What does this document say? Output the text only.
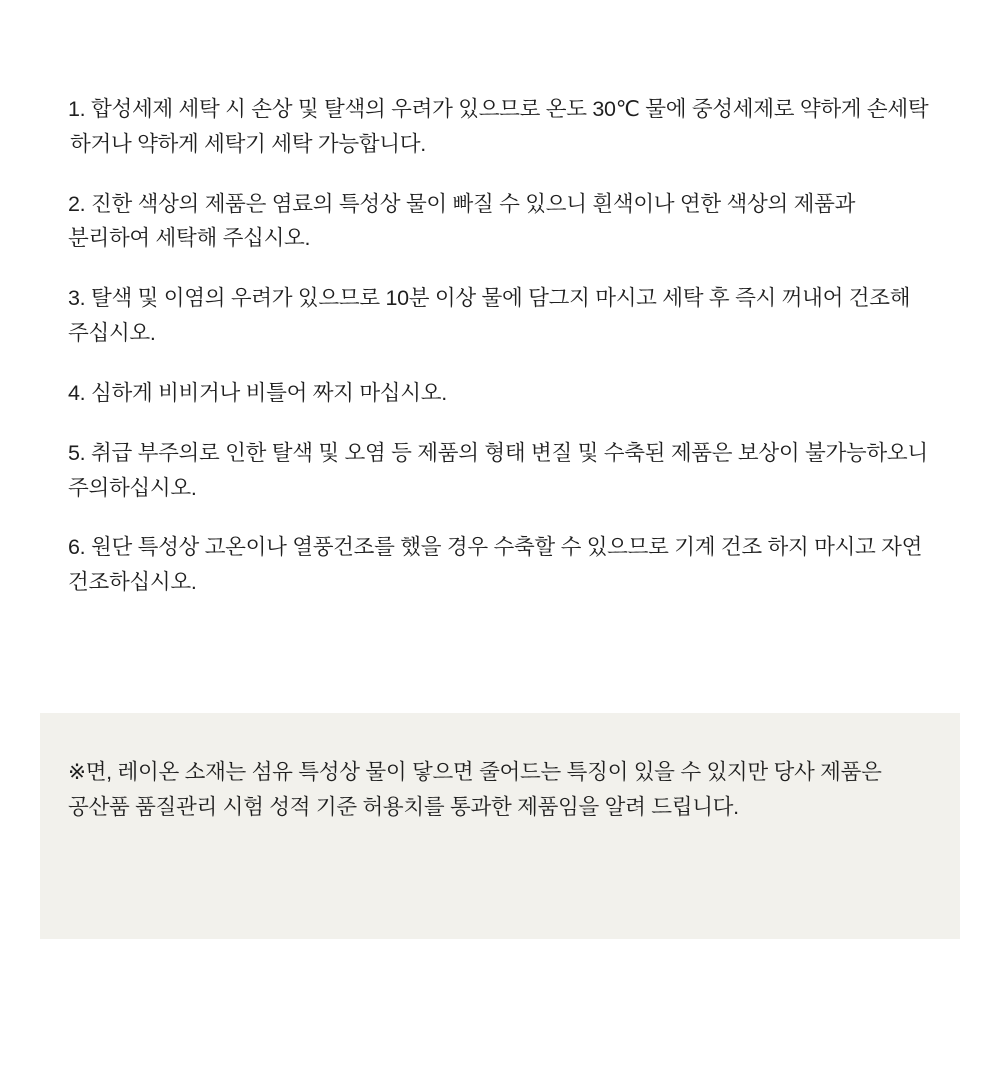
1. 합성세제 세탁 시 손상 및 탈색의 우려가 있으므로 온도 30℃ 물에 중성세제로 약하게 손세탁 하거나 약하게 세탁기 세탁 가능합니다.

2. 진한 색상의 제품은 염료의 특성상 물이 빠질 수 있으니 흰색이나 연한 색상의 제품과 분리하여 세탁해 주십시오.

3. 탈색 및 이염의 우려가 있으므로 10분 이상 물에 담그지 마시고 세탁 후 즉시 꺼내어 건조해 주십시오.

4. 심하게 비비거나 비틀어 짜지 마십시오.

5. 취급 부주의로 인한 탈색 및 오염 등 제품의 형태 변질 및 수축된 제품은 보상이 불가능하오니 주의하십시오.

6. 원단 특성상 고온이나 열풍건조를 했을 경우 수축할 수 있으므로 기계 건조 하지 마시고 자연 건조하십시오.

※면, 레이온 소재는 섬유 특성상 물이 닿으면 줄어드는 특징이 있을 수 있지만 당사 제품은 공산품 품질관리 시험 성적 기준 허용치를 통과한 제품임을 알려 드립니다.
